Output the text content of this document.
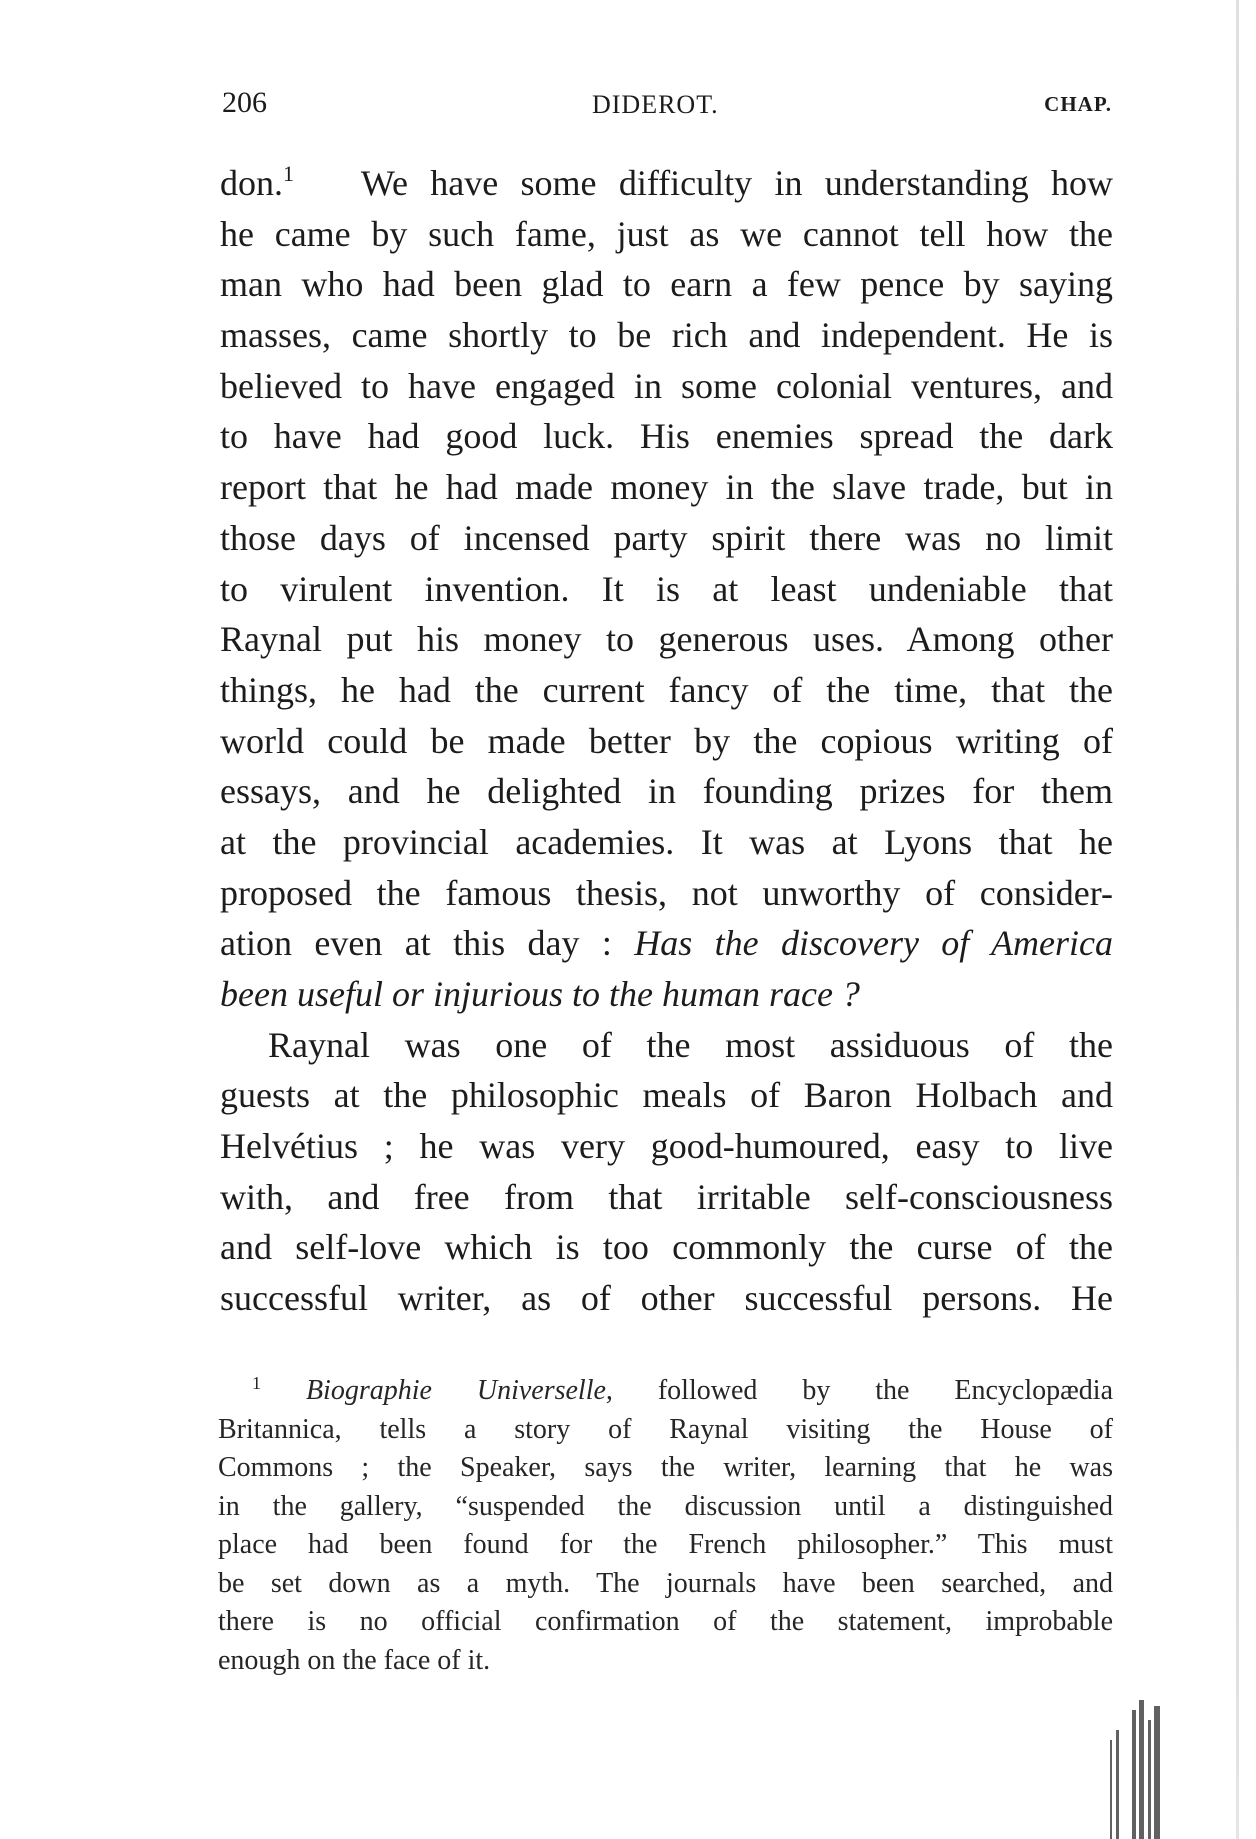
206	DIDEROT.	CHAP.
don.$^1$ We have some difficulty in understanding how
he came by such fame, just as we cannot tell how the
man who had been glad to earn a few pence by saying
masses, came shortly to be rich and independent. He is
believed to have engaged in some colonial ventures, and
to have had good luck. His enemies spread the dark
report that he had made money in the slave trade, but in
those days of incensed party spirit there was no limit
to virulent invention. It is at least undeniable that
Raynal put his money to generous uses. Among other
things, he had the current fancy of the time, that the
world could be made better by the copious writing of
essays, and he delighted in founding prizes for them
at the provincial academies. It was at Lyons that he
proposed the famous thesis, not unworthy of consider-
ation even at this day : Has the discovery of America
been useful or injurious to the human race ?
Raynal was one of the most assiduous of the
guests at the philosophic meals of Baron Holbach and
Helvétius ; he was very good-humoured, easy to live
with, and free from that irritable self-consciousness
and self-love which is too commonly the curse of the
successful writer, as of other successful persons. He
$^1$ Biographie Universelle, followed by the Encyclopædia
Britannica, tells a story of Raynal visiting the House of
Commons ; the Speaker, says the writer, learning that he was
in the gallery, “suspended the discussion until a distinguished
place had been found for the French philosopher.” This must
be set down as a myth. The journals have been searched, and
there is no official confirmation of the statement, improbable
enough on the face of it.
